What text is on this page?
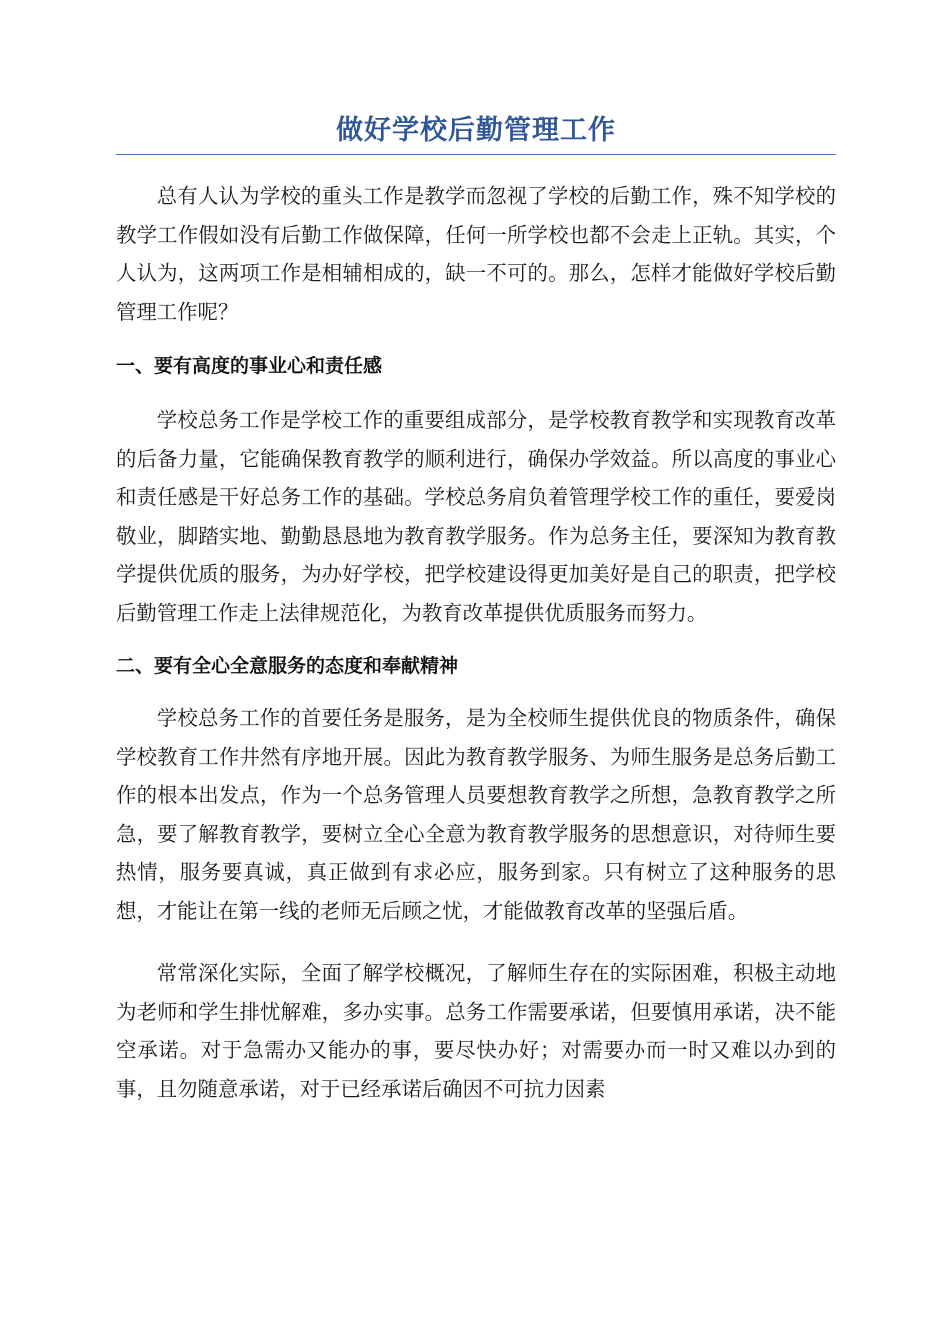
做好学校后勤管理工作

总有人认为学校的重头工作是教学而忽视了学校的后勤工作，殊不知学校的教学工作假如没有后勤工作做保障，任何一所学校也都不会走上正轨。其实，个人认为，这两项工作是相辅相成的，缺一不可的。那么，怎样才能做好学校后勤管理工作呢？

一、要有高度的事业心和责任感

学校总务工作是学校工作的重要组成部分，是学校教育教学和实现教育改革的后备力量，它能确保教育教学的顺利进行，确保办学效益。所以高度的事业心和责任感是干好总务工作的基础。学校总务肩负着管理学校工作的重任，要爱岗敬业，脚踏实地、勤勤恳恳地为教育教学服务。作为总务主任，要深知为教育教学提供优质的服务，为办好学校，把学校建设得更加美好是自己的职责，把学校后勤管理工作走上法律规范化，为教育改革提供优质服务而努力。

二、要有全心全意服务的态度和奉献精神

学校总务工作的首要任务是服务，是为全校师生提供优良的物质条件，确保学校教育工作井然有序地开展。因此为教育教学服务、为师生服务是总务后勤工作的根本出发点，作为一个总务管理人员要想教育教学之所想，急教育教学之所急，要了解教育教学，要树立全心全意为教育教学服务的思想意识，对待师生要热情，服务要真诚，真正做到有求必应，服务到家。只有树立了这种服务的思想，才能让在第一线的老师无后顾之忧，才能做教育改革的坚强后盾。

常常深化实际，全面了解学校概况，了解师生存在的实际困难，积极主动地为老师和学生排忧解难，多办实事。总务工作需要承诺，但要慎用承诺，决不能空承诺。对于急需办又能办的事，要尽快办好；对需要办而一时又难以办到的事，且勿随意承诺，对于已经承诺后确因不可抗力因素
